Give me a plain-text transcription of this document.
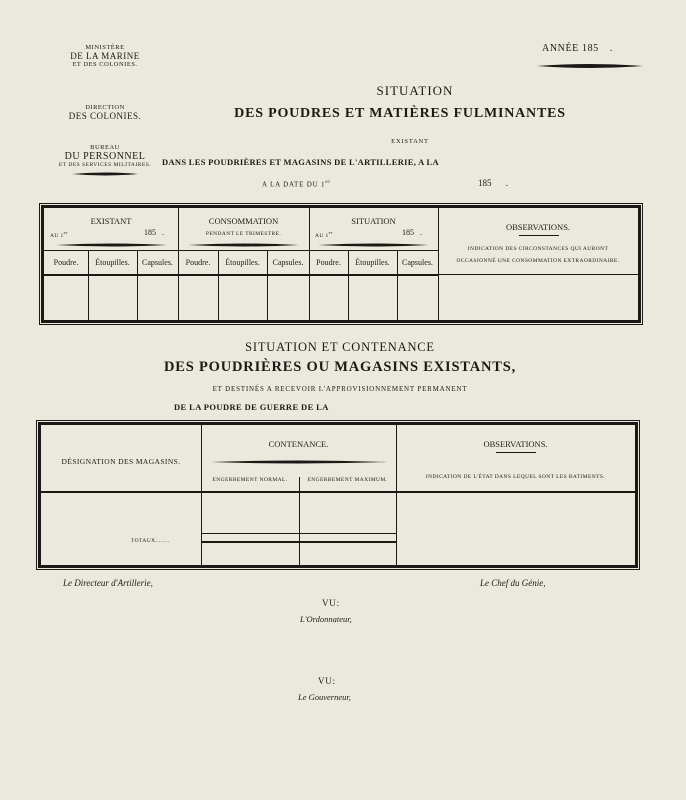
MINISTÈRE
DE LA MARINE
ET DES COLONIES.
DIRECTION
DES COLONIES.
BUREAU
DU PERSONNEL
ET DES SERVICES MILITAIRES.
ANNÉE 185 .
SITUATION
DES POUDRES ET MATIÈRES FULMINANTES
EXISTANT
DANS LES POUDRIÈRES ET MAGASINS DE L'ARTILLERIE, A LA
A LA DATE DU 1er	185 .
EXISTANT
AU 1er	185 .
CONSOMMATION
PENDANT LE TRIMESTRE.
SITUATION
AU 1er	185 .
Poudre.	Étoupilles.	Capsules.	Poudre.	Étoupilles.	Capsules.	Poudre.	Étoupilles.	Capsules.
OBSERVATIONS.
INDICATION DES CIRCONSTANCES QUI AURONT
OCCASIONNÉ UNE CONSOMMATION EXTRAORDINAIRE.
SITUATION ET CONTENANCE
DES POUDRIÈRES OU MAGASINS EXISTANTS,
ET DESTINÉS A RECEVOIR L'APPROVISIONNEMENT PERMANENT
DE LA POUDRE DE GUERRE DE LA
DÉSIGNATION DES MAGASINS.
CONTENANCE.
ENGERBEMENT NORMAL.	ENGERBEMENT MAXIMUM.
OBSERVATIONS.
INDICATION DE L'ÉTAT DANS LEQUEL SONT LES BATIMENTS.
TOTAUX........
Le Directeur d'Artillerie,	Le Chef du Génie,
VU:
L'Ordonnateur,
VU:
Le Gouverneur,
